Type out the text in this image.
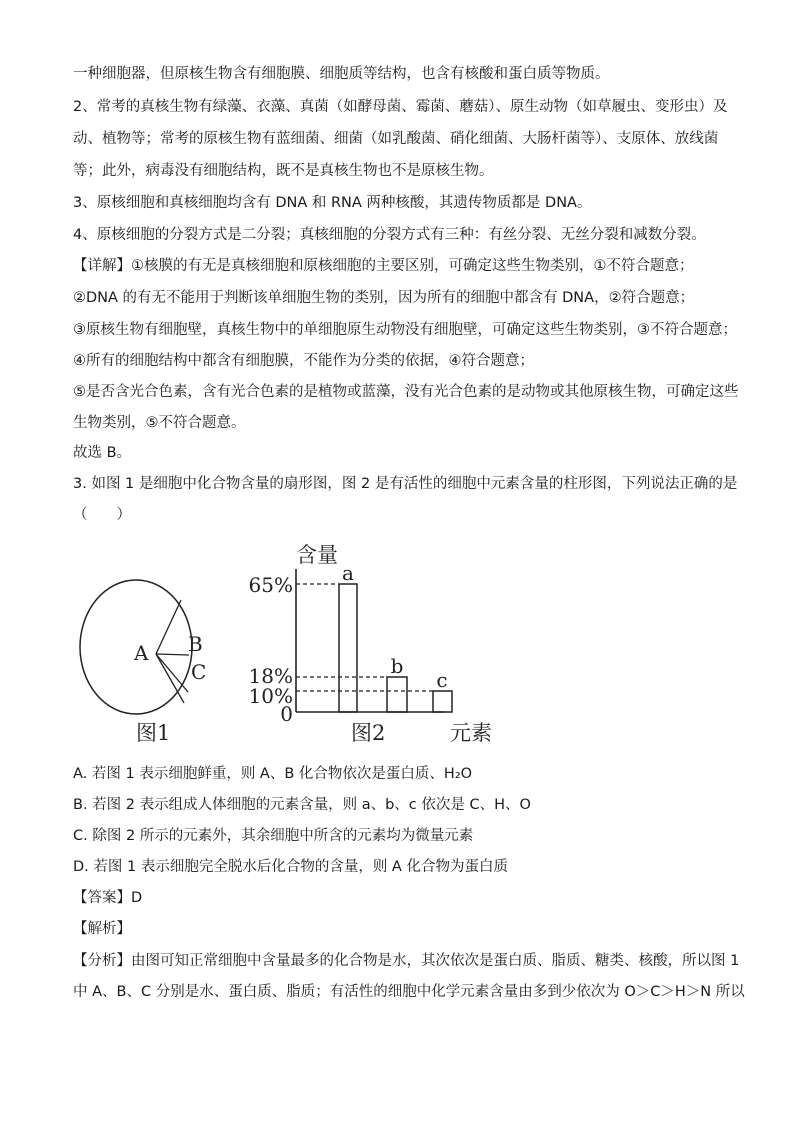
一种细胞器，但原核生物含有细胞膜、细胞质等结构，也含有核酸和蛋白质等物质。
2、常考的真核生物有绿藻、衣藻、真菌（如酵母菌、霉菌、蘑菇）、原生动物（如草履虫、变形虫）及
动、植物等；常考的原核生物有蓝细菌、细菌（如乳酸菌、硝化细菌、大肠杆菌等）、支原体、放线菌
等；此外，病毒没有细胞结构，既不是真核生物也不是原核生物。
3、原核细胞和真核细胞均含有 DNA 和 RNA 两种核酸，其遗传物质都是 DNA。
4、原核细胞的分裂方式是二分裂；真核细胞的分裂方式有三种：有丝分裂、无丝分裂和减数分裂。
【详解】①核膜的有无是真核细胞和原核细胞的主要区别，可确定这些生物类别，①不符合题意；
②DNA 的有无不能用于判断该单细胞生物的类别，因为所有的细胞中都含有 DNA，②符合题意；
③原核生物有细胞壁，真核生物中的单细胞原生动物没有细胞壁，可确定这些生物类别，③不符合题意；
④所有的细胞结构中都含有细胞膜，不能作为分类的依据，④符合题意；
⑤是否含光合色素，含有光合色素的是植物或蓝藻，没有光合色素的是动物或其他原核生物，可确定这些
生物类别，⑤不符合题意。
故选 B。
3. 如图 1 是细胞中化合物含量的扇形图，图 2 是有活性的细胞中元素含量的柱形图，下列说法正确的是
（　　）
A B
C
图1
含量
65%
18%
10%
0
a
b
c
图2	元素
A. 若图 1 表示细胞鲜重，则 A、B 化合物依次是蛋白质、H₂O
B. 若图 2 表示组成人体细胞的元素含量，则 a、b、c 依次是 C、H、O
C. 除图 2 所示的元素外，其余细胞中所含的元素均为微量元素
D. 若图 1 表示细胞完全脱水后化合物的含量，则 A 化合物为蛋白质
【答案】D
【解析】
【分析】由图可知正常细胞中含量最多的化合物是水，其次依次是蛋白质、脂质、糖类、核酸，所以图 1
中 A、B、C 分别是水、蛋白质、脂质；有活性的细胞中化学元素含量由多到少依次为 O＞C＞H＞N 所以
